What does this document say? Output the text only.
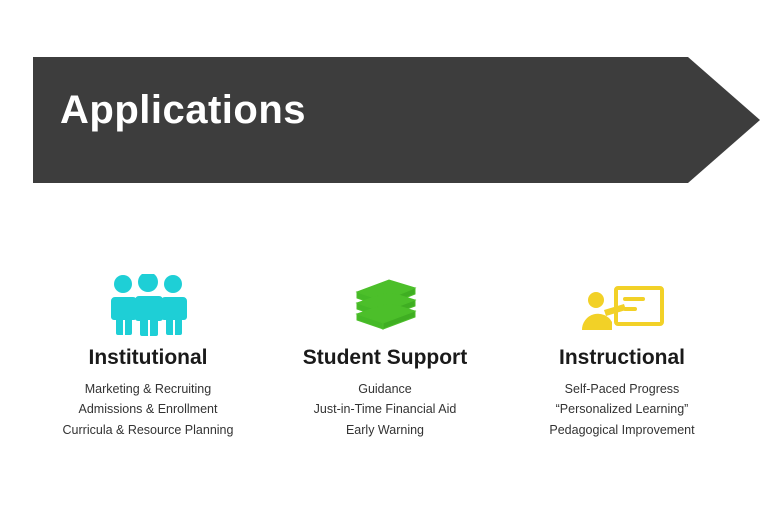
Applications
Institutional
Marketing & Recruiting
Admissions & Enrollment
Curricula & Resource Planning
Student Support
Guidance
Just-in-Time Financial Aid
Early Warning
Instructional
Self-Paced Progress
“Personalized Learning”
Pedagogical Improvement
